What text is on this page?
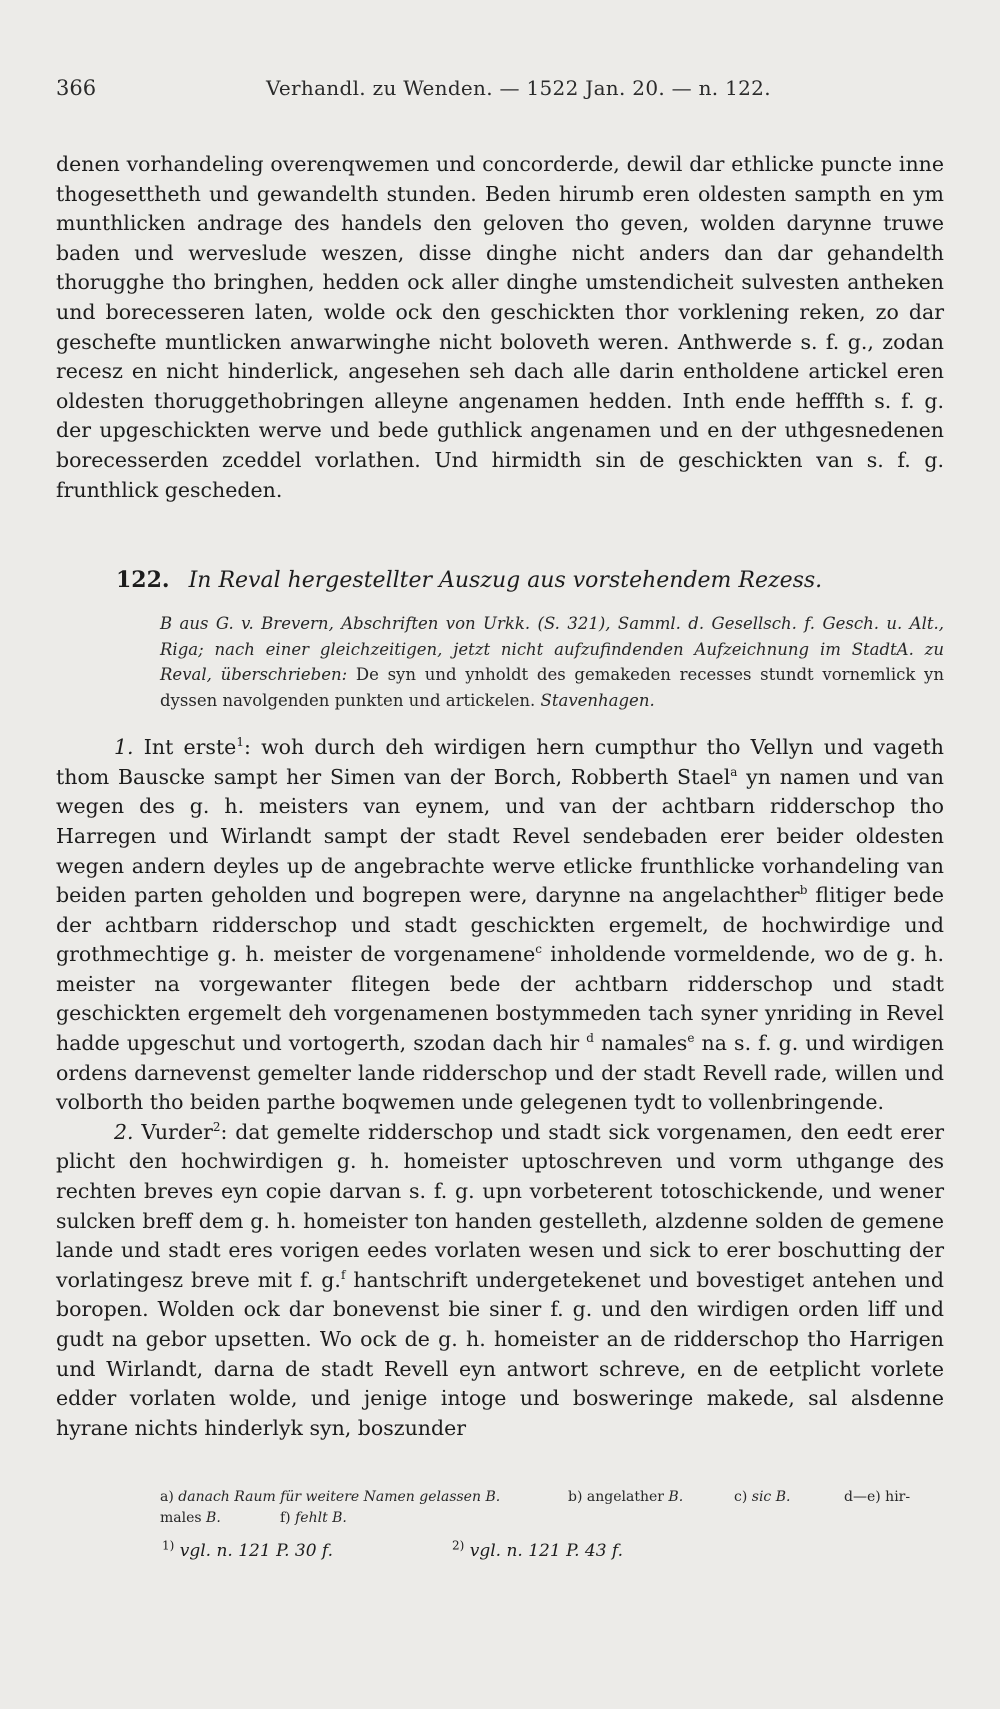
366	Verhandl. zu Wenden. — 1522 Jan. 20. — n. 122.

denen vorhandeling overenqwemen und concorderde, dewil dar ethlicke puncte inne thogesettheth und gewandelth stunden. Beden hirumb eren oldesten sampth en ym munthlicken andrage des handels den geloven tho geven, wolden darynne truwe baden und werveslude weszen, disse dinghe nicht anders dan dar gehandelth thorugghe tho bringhen, hedden ock aller dinghe umstendicheit sulvesten antheken und borecesseren laten, wolde ock den geschickten thor vorklening reken, zo dar geschefte muntlicken anwarwinghe nicht boloveth weren. Anthwerde s. f. g., zodan recesz en nicht hinderlick, angesehen seh dach alle darin entholdene artickel eren oldesten thoruggethobringen alleyne angenamen hedden. Inth ende hefffth s. f. g. der upgeschickten werve und bede guthlick angenamen und en der uthgesnedenen borecesserden zceddel vorlathen. Und hirmidth sin de geschickten van s. f. g. frunthlick gescheden.

122. In Reval hergestellter Auszug aus vorstehendem Rezess.
B aus G. v. Brevern, Abschriften von Urkk. (S. 321), Samml. d. Gesellsch. f. Gesch. u. Alt., Riga; nach einer gleichzeitigen, jetzt nicht aufzufindenden Aufzeichnung im StadtA. zu Reval, überschrieben: De syn und ynholdt des gemakeden recesses stundt vornemlick yn dyssen navolgenden punkten und artickelen. Stavenhagen.

1. Int erste$^1$: woh durch deh wirdigen hern cumpthur tho Vellyn und vageth thom Bauscke sampt her Simen van der Borch, Robberth Stael$^a$ yn namen und van wegen des g. h. meisters van eynem, und van der achtbarn ridderschop tho Harregen und Wirlandt sampt der stadt Revel sendebaden erer beider oldesten wegen andern deyles up de angebrachte werve etlicke frunthlicke vorhandeling van beiden parten geholden und bogrepen were, darynne na angelachther$^b$ flitiger bede der achtbarn ridderschop und stadt geschickten ergemelt, de hochwirdige und grothmechtige g. h. meister de vorgenamene$^c$ inholdende vormeldende, wo de g. h. meister na vorgewanter flitegen bede der achtbarn ridderschop und stadt geschickten ergemelt deh vorgenamenen bostymmeden tach syner ynriding in Revel hadde upgeschut und vortogerth, szodan dach hir $^d$ namales$^e$ na s. f. g. und wirdigen ordens darnevenst gemelter lande ridderschop und der stadt Revell rade, willen und volborth tho beiden parthe boqwemen unde gelegenen tydt to vollenbringende.

2. Vurder$^2$: dat gemelte ridderschop und stadt sick vorgenamen, den eedt erer plicht den hochwirdigen g. h. homeister uptoschreven und vorm uthgange des rechten breves eyn copie darvan s. f. g. upn vorbeterent totoschickende, und wener sulcken breff dem g. h. homeister ton handen gestelleth, alzdenne solden de gemene lande und stadt eres vorigen eedes vorlaten wesen und sick to erer boschutting der vorlatingesz breve mit f. g.$^f$ hantschrift undergetekenet und bovestiget antehen und boropen. Wolden ock dar bonevenst bie siner f. g. und den wirdigen orden liff und gudt na gebor upsetten. Wo ock de g. h. homeister an de ridderschop tho Harrigen und Wirlandt, darna de stadt Revell eyn antwort schreve, en de eetplicht vorlete edder vorlaten wolde, und jenige intoge und bosweringe makede, sal alsdenne hyrane nichts hinderlyk syn, boszunder

a) danach Raum für weitere Namen gelassen B.	b) angelather B.	c) sic B.	d—e) hir-
males B.	f) fehlt B.
$^{1)}$ vgl. n. 121 P. 30 f.	$^{2)}$ vgl. n. 121 P. 43 f.
